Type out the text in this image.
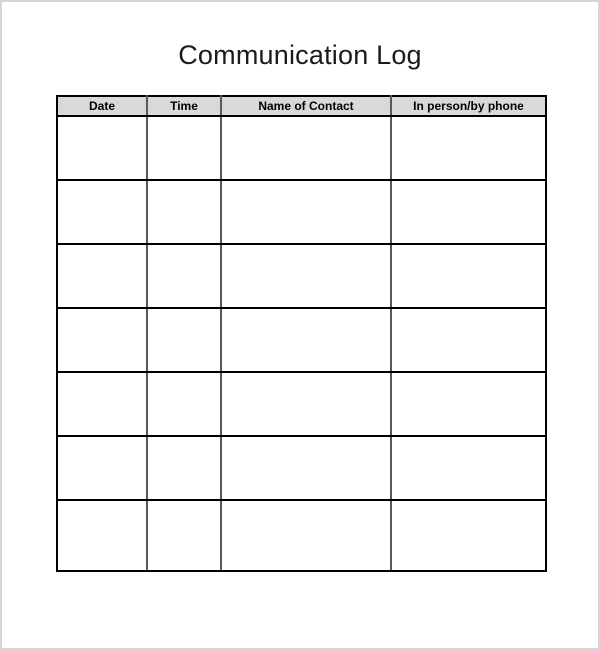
Communication Log
Date	Time	Name of Contact	In person/by phone
